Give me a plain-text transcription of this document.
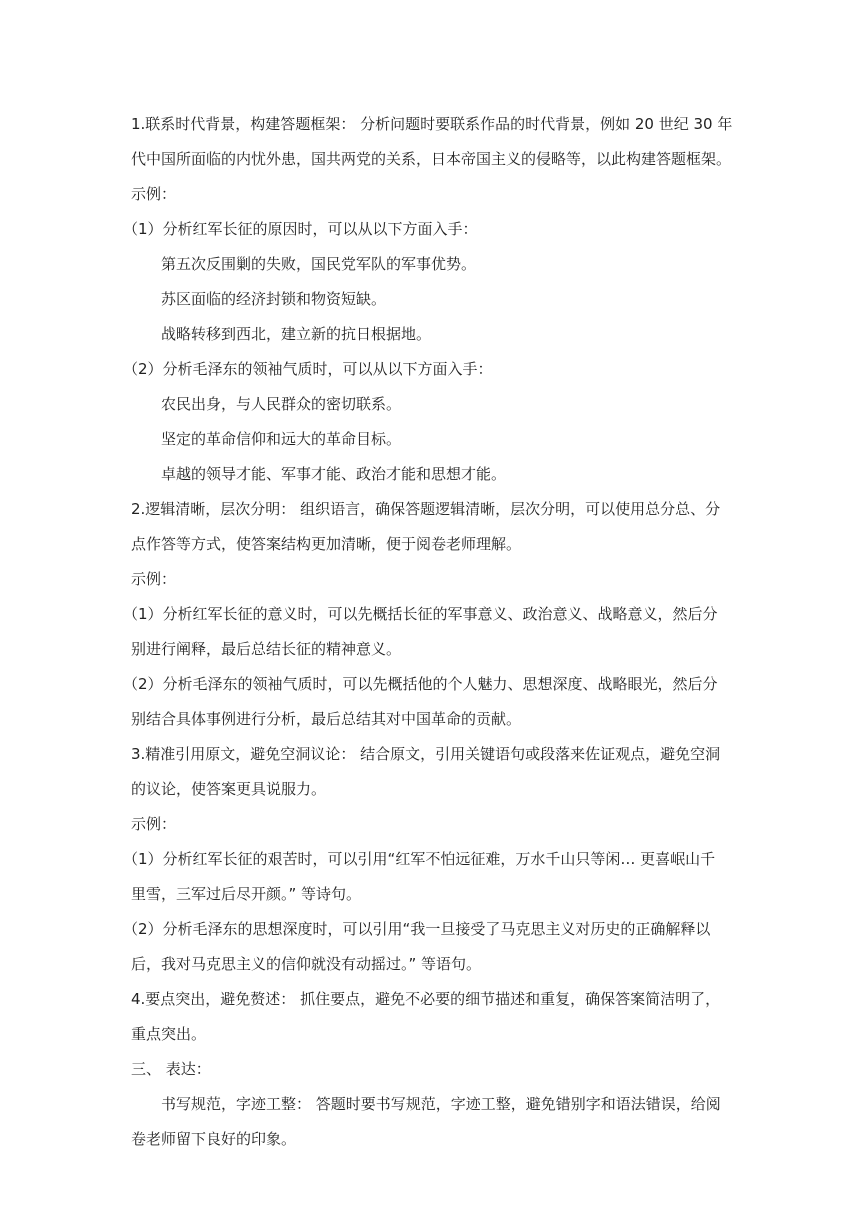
1.联系时代背景，构建答题框架： 分析问题时要联系作品的时代背景，例如 20 世纪 30 年

代中国所面临的内忧外患，国共两党的关系，日本帝国主义的侵略等，以此构建答题框架。

示例：

（1）分析红军长征的原因时，可以从以下方面入手：

第五次反围剿的失败，国民党军队的军事优势。

苏区面临的经济封锁和物资短缺。

战略转移到西北，建立新的抗日根据地。

（2）分析毛泽东的领袖气质时，可以从以下方面入手：

农民出身，与人民群众的密切联系。

坚定的革命信仰和远大的革命目标。

卓越的领导才能、军事才能、政治才能和思想才能。

2.逻辑清晰，层次分明： 组织语言，确保答题逻辑清晰，层次分明，可以使用总分总、分

点作答等方式，使答案结构更加清晰，便于阅卷老师理解。

示例：

（1）分析红军长征的意义时，可以先概括长征的军事意义、政治意义、战略意义，然后分

别进行阐释，最后总结长征的精神意义。

（2）分析毛泽东的领袖气质时，可以先概括他的个人魅力、思想深度、战略眼光，然后分

别结合具体事例进行分析，最后总结其对中国革命的贡献。

3.精准引用原文，避免空洞议论： 结合原文，引用关键语句或段落来佐证观点，避免空洞

的议论，使答案更具说服力。

示例：

（1）分析红军长征的艰苦时，可以引用“红军不怕远征难，万水千山只等闲… 更喜岷山千

里雪，三军过后尽开颜。” 等诗句。

（2）分析毛泽东的思想深度时，可以引用“我一旦接受了马克思主义对历史的正确解释以

后，我对马克思主义的信仰就没有动摇过。” 等语句。

4.要点突出，避免赘述： 抓住要点，避免不必要的细节描述和重复，确保答案简洁明了，

重点突出。

三、 表达：

书写规范，字迹工整： 答题时要书写规范，字迹工整，避免错别字和语法错误，给阅

卷老师留下良好的印象。
